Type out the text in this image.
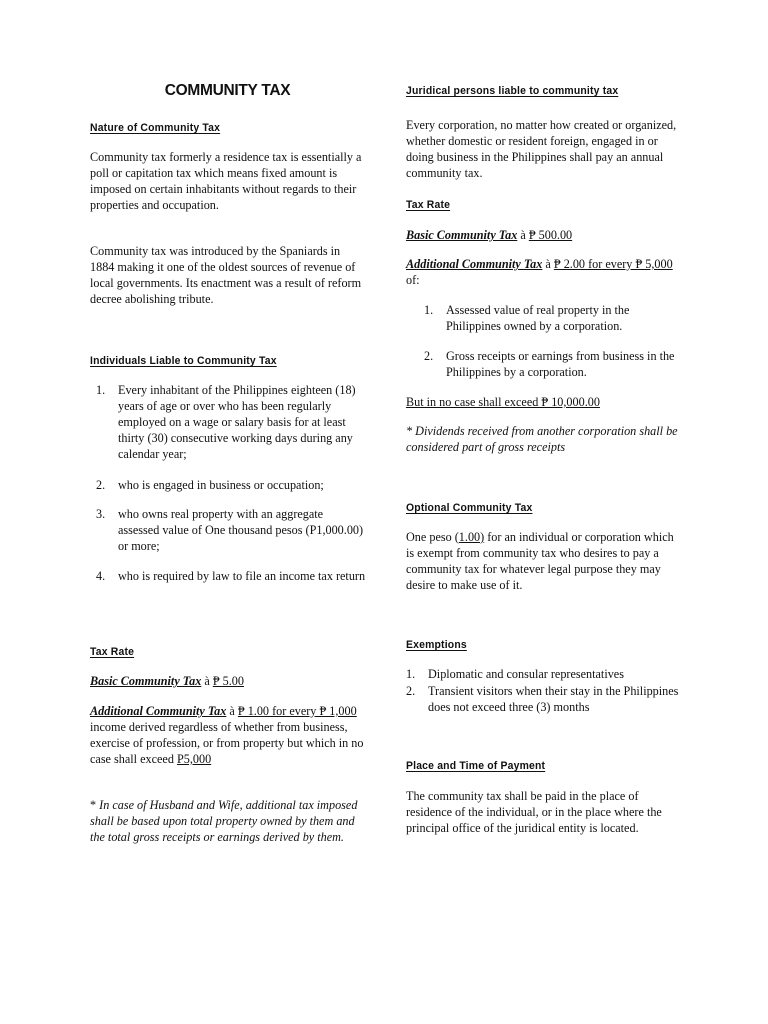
COMMUNITY TAX
Nature of Community Tax

Community tax formerly a residence tax is essentially a poll or capitation tax which means fixed amount is imposed on certain inhabitants without regards to their properties and occupation.

Community tax was introduced by the Spaniards in 1884 making it one of the oldest sources of revenue of local governments. Its enactment was a result of reform decree abolishing tribute.

Individuals Liable to Community Tax
1. Every inhabitant of the Philippines eighteen (18) years of age or over who has been regularly employed on a wage or salary basis for at least thirty (30) consecutive working days during any calendar year;
2. who is engaged in business or occupation;
3. who owns real property with an aggregate assessed value of One thousand pesos (P1,000.00) or more;
4. who is required by law to file an income tax return
Tax Rate

Basic Community Tax à ₱ 5.00

Additional Community Tax à ₱ 1.00 for every ₱ 1,000 income derived regardless of whether from business, exercise of profession, or from property but which in no case shall exceed P5,000

* In case of Husband and Wife, additional tax imposed shall be based upon total property owned by them and the total gross receipts or earnings derived by them.

Juridical persons liable to community tax

Every corporation, no matter how created or organized, whether domestic or resident foreign, engaged in or doing business in the Philippines shall pay an annual community tax.

Tax Rate

Basic Community Tax à ₱ 500.00

Additional Community Tax à ₱ 2.00 for every ₱ 5,000 of:

1. Assessed value of real property in the Philippines owned by a corporation.
2. Gross receipts or earnings from business in the Philippines by a corporation.

But in no case shall exceed ₱ 10,000.00

* Dividends received from another corporation shall be considered part of gross receipts

Optional Community Tax

One peso (1.00) for an individual or corporation which is exempt from community tax who desires to pay a community tax for whatever legal purpose they may desire to make use of it.

Exemptions
1. Diplomatic and consular representatives
2. Transient visitors when their stay in the Philippines does not exceed three (3) months
Place and Time of Payment

The community tax shall be paid in the place of residence of the individual, or in the place where the principal office of the juridical entity is located.
